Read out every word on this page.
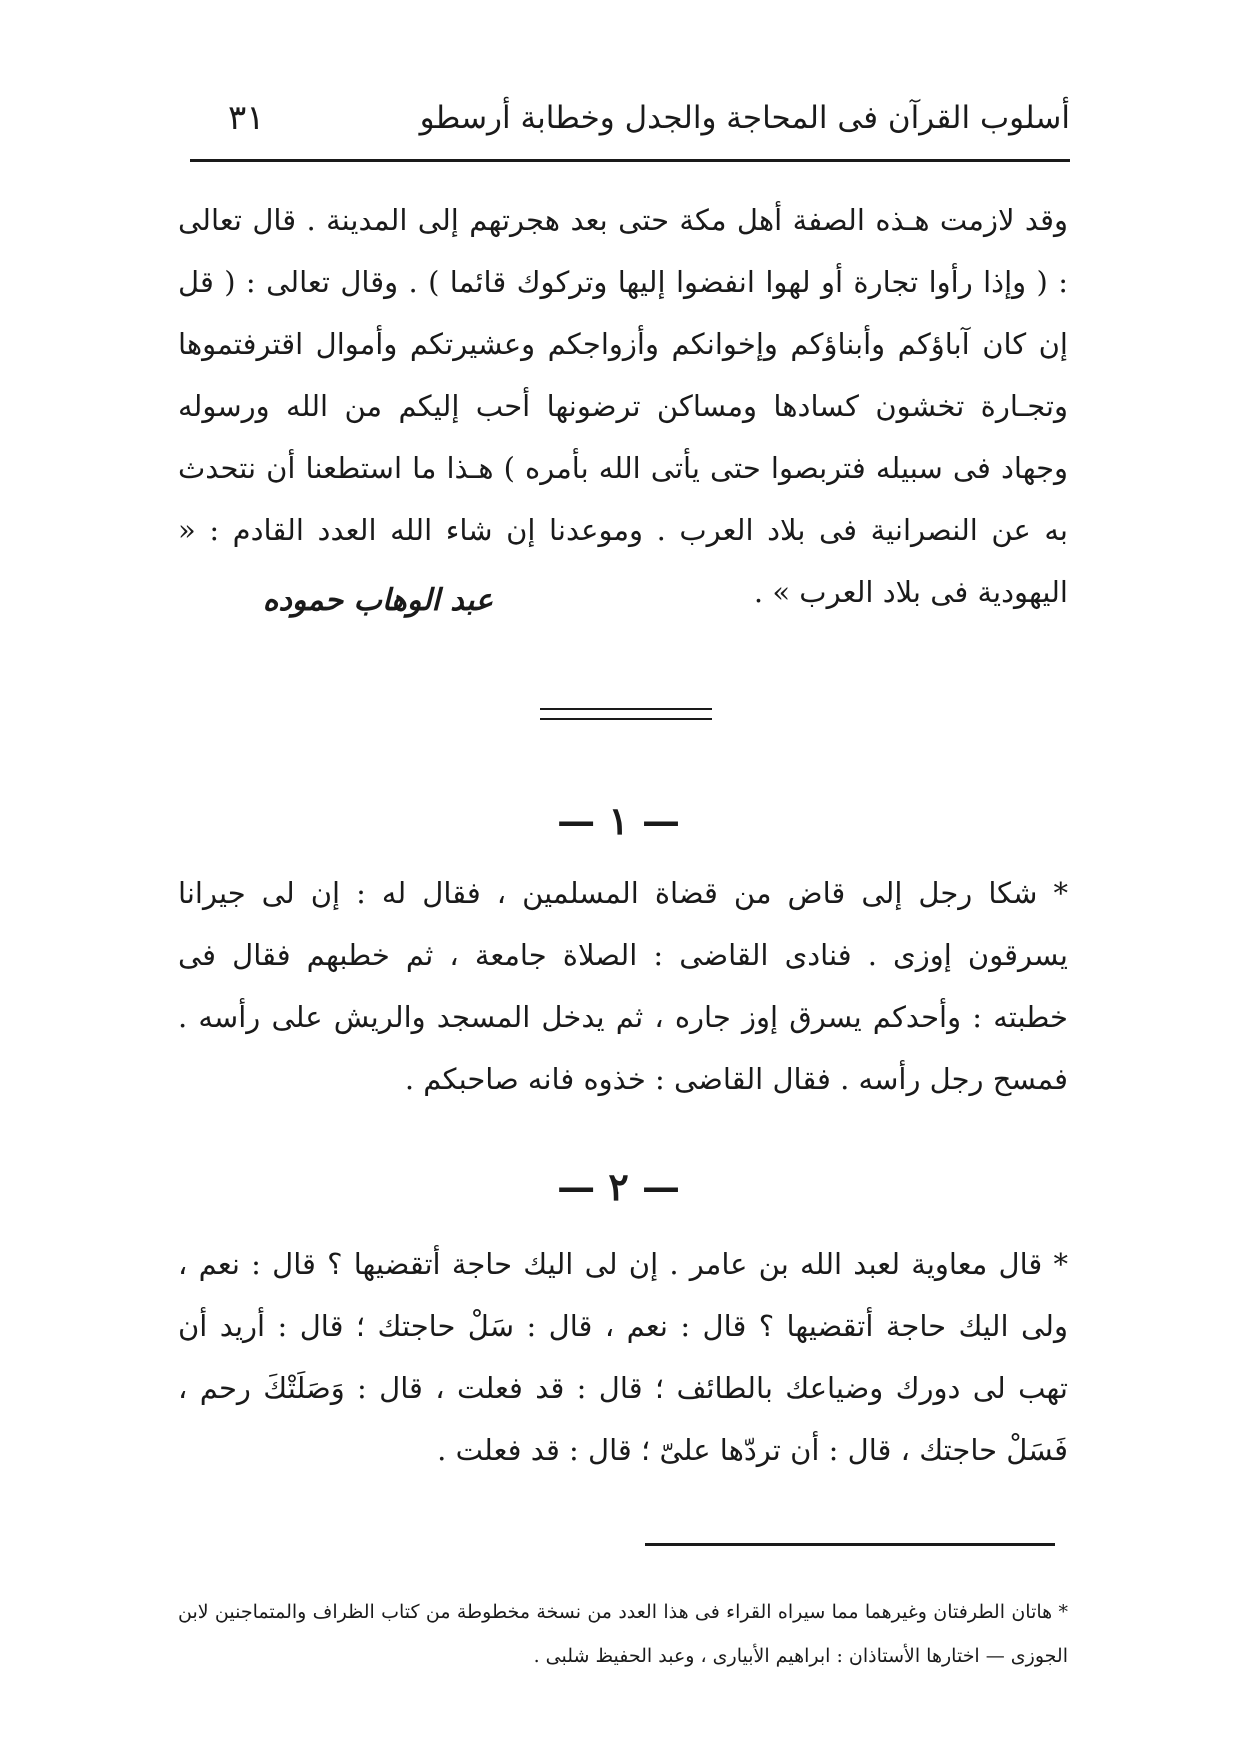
أسلوب القرآن فى المحاجة والجدل وخطابة أرسطو
٣١

وقد لازمت هـذه الصفة أهل مكة حتى بعد هجرتهم إلى المدينة . قال تعالى : ( وإذا رأوا تجارة أو لهوا انفضوا إليها وتركوك قائما ) . وقال تعالى : ( قل إن كان آباؤكم وأبناؤكم وإخوانكم وأزواجكم وعشيرتكم وأموال اقترفتموها وتجـارة تخشون كسادها ومساكن ترضونها أحب إليكم من الله ورسوله وجهاد فى سبيله فتربصوا حتى يأتى الله بأمره ) هـذا ما استطعنا أن نتحدث به عن النصرانية فى بلاد العرب . وموعدنا إن شاء الله العدد القادم : « اليهودية فى بلاد العرب » .

عبد الوهاب حموده
— ١ —

* شكا رجل إلى قاض من قضاة المسلمين ، فقال له : إن لى جيرانا يسرقون إوزى . فنادى القاضى : الصلاة جامعة ، ثم خطبهم فقال فى خطبته : وأحدكم يسرق إوز جاره ، ثم يدخل المسجد والريش على رأسه . فمسح رجل رأسه . فقال القاضى : خذوه فانه صاحبكم .

— ٢ —

* قال معاوية لعبد الله بن عامر . إن لى اليك حاجة أتقضيها ؟ قال : نعم ، ولى اليك حاجة أتقضيها ؟ قال : نعم ، قال : سَلْ حاجتك ؛ قال : أريد أن تهب لى دورك وضياعك بالطائف ؛ قال : قد فعلت ، قال : وَصَلَتْكَ رحم ، فَسَلْ حاجتك ، قال : أن تردّها علىّ ؛ قال : قد فعلت .

* هاتان الطرفتان وغيرهما مما سيراه القراء فى هذا العدد من نسخة مخطوطة من كتاب الظراف والمتماجنين لابن الجوزى — اختارها الأستاذان : ابراهيم الأبيارى ، وعبد الحفيظ شلبى .
